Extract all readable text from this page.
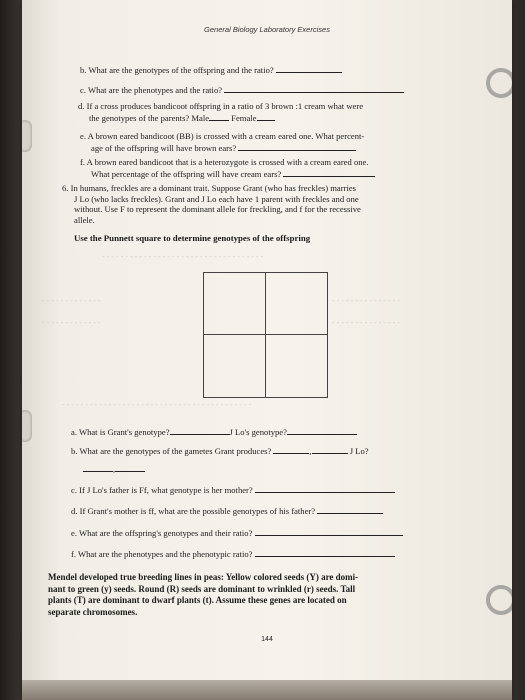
General Biology Laboratory Exercises
b. What are the genotypes of the offspring and the ratio?
c. What are the phenotypes and the ratio?
d. If a cross produces bandicoot offspring in a ratio of 3 brown :1 cream what were
the genotypes of the parents? Male	Female
e. A brown eared bandicoot (BB) is crossed with a cream eared one. What percent-
age of the offspring will have brown ears?
f. A brown eared bandicoot that is a heterozygote is crossed with a cream eared one.
What percentage of the offspring will have cream ears?
6. In humans, freckles are a dominant trait. Suppose Grant (who has freckles) marries
J Lo (who lacks freckles). Grant and J Lo each have 1 parent with freckles and one
without. Use F to represent the dominant allele for freckling, and f for the recessive
allele.
Use the Punnett square to determine genotypes of the offspring
- - - - - - - - - - - - - - - - - - - - - - - - - - - - - - - - - - -
- - - - - - - - - - - - -	- - - - - - - - - - - - - - -
- - - - - - - - - - - - -	- - - - - - - - - - - - - - -
- - - - - - - - - - - - - - - - - - - - - - - - - - - - - - - - - - - - - - - - -
a. What is Grant's genotype?	J Lo's genotype?
b. What are the genotypes of the gametes Grant produces?	,	J Lo?
,
c. If J Lo's father is Ff, what genotype is her mother?
d. If Grant's mother is ff, what are the possible genotypes of his father?
e. What are the offspring's genotypes and their ratio?
f. What are the phenotypes and the phenotypic ratio?
Mendel developed true breeding lines in peas: Yellow colored seeds (Y) are domi-
nant to green (y) seeds. Round (R) seeds are dominant to wrinkled (r) seeds. Tall
plants (T) are dominant to dwarf plants (t). Assume these genes are located on
separate chromosomes.
144
